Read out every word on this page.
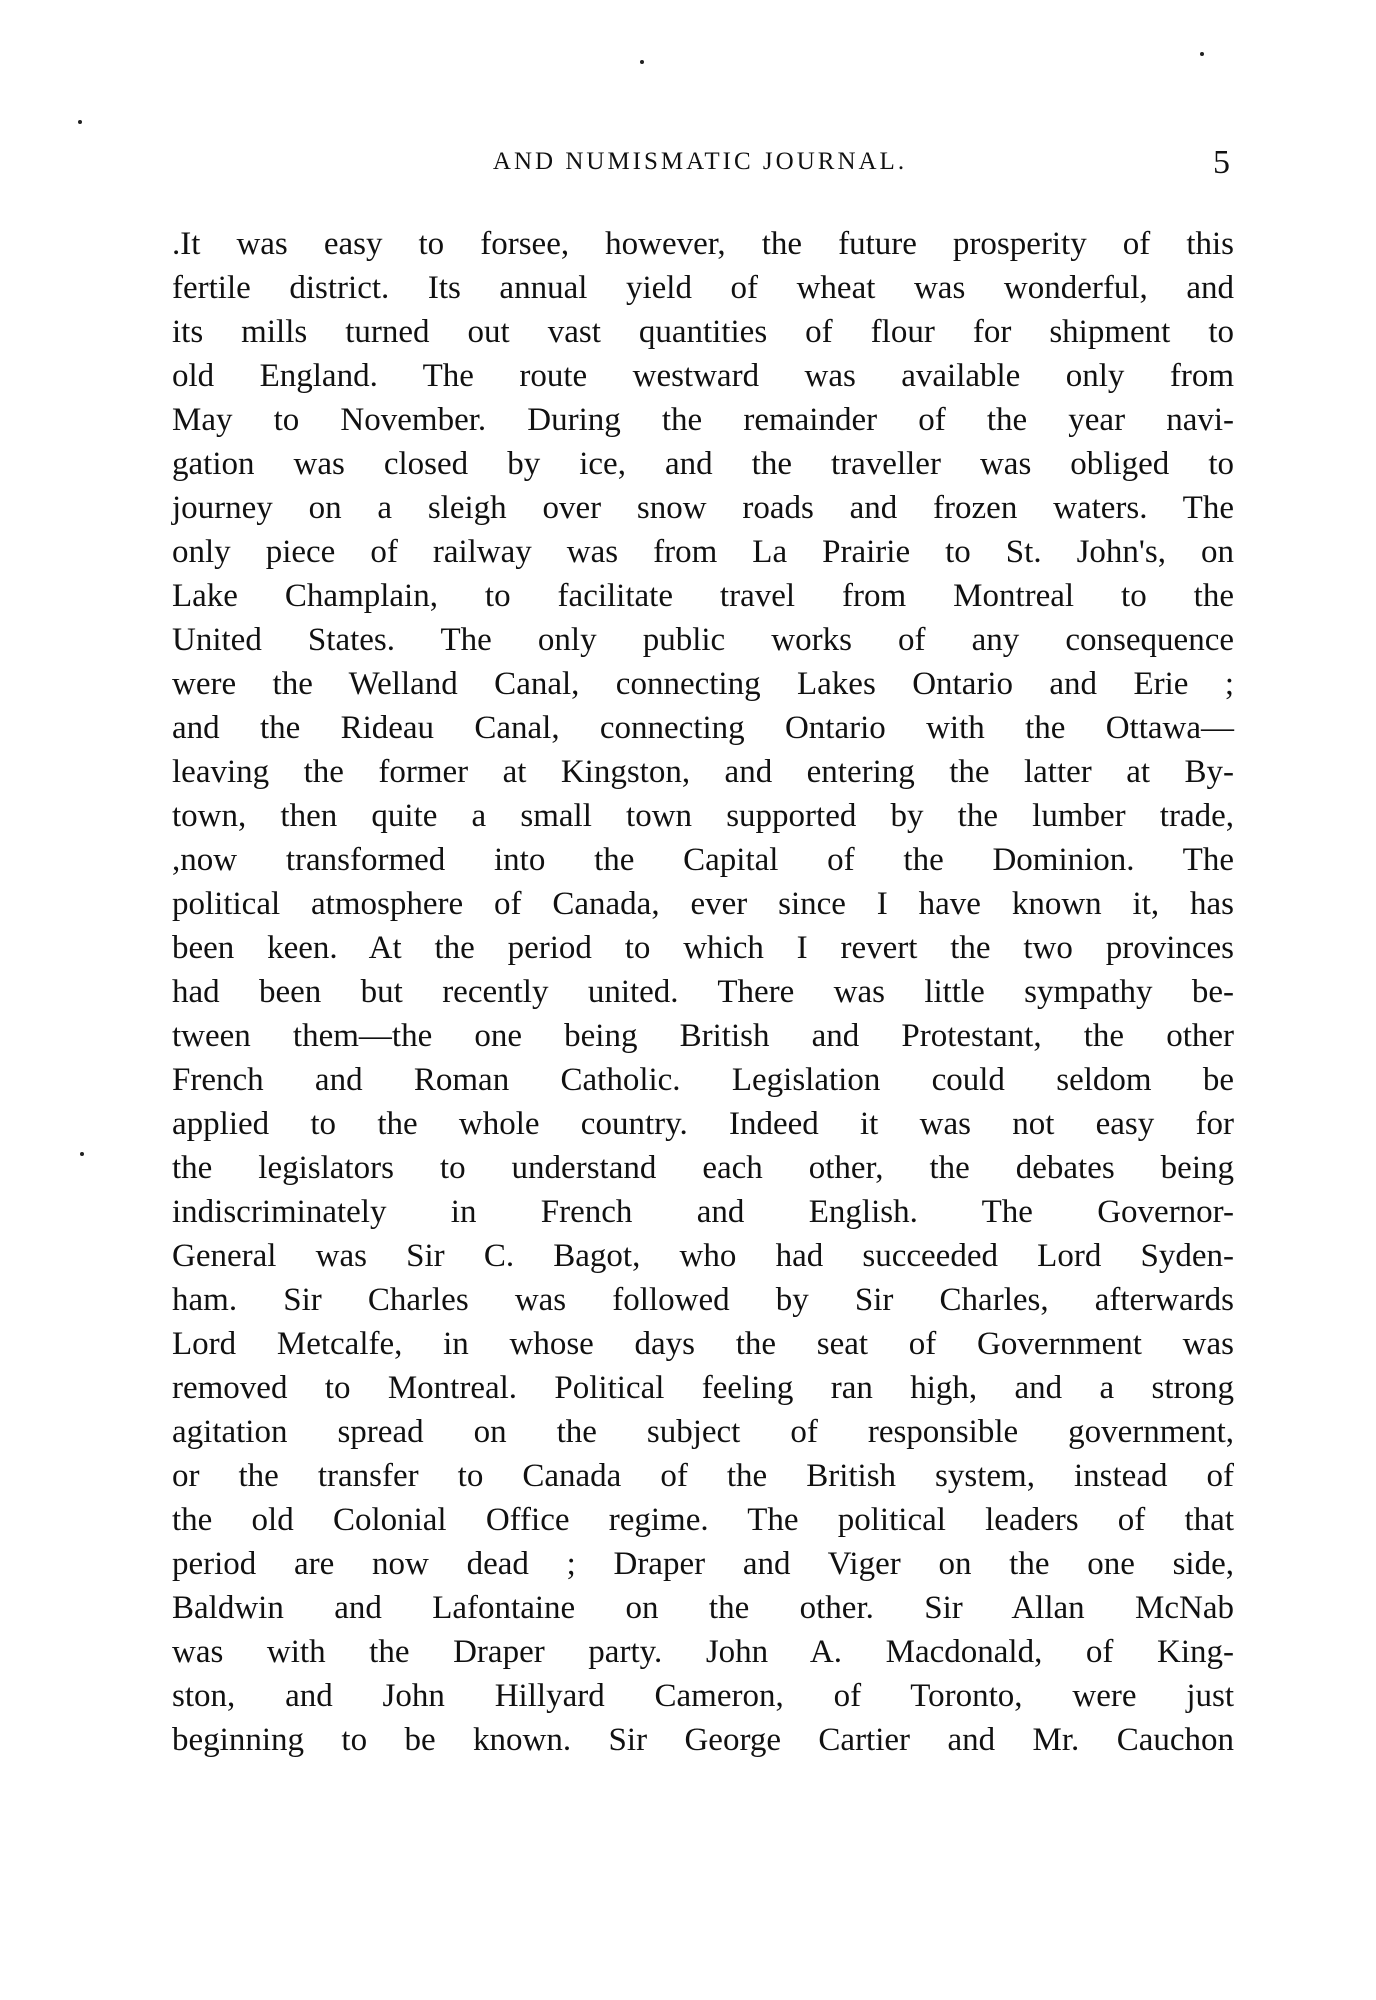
AND NUMISMATIC JOURNAL.	5
.It was easy to forsee, however, the future prosperity of this
fertile district. Its annual yield of wheat was wonderful, and
its mills turned out vast quantities of flour for shipment to
old England. The route westward was available only from
May to November. During the remainder of the year navi-
gation was closed by ice, and the traveller was obliged to
journey on a sleigh over snow roads and frozen waters. The
only piece of railway was from La Prairie to St. John's, on
Lake Champlain, to facilitate travel from Montreal to the
United States. The only public works of any consequence
were the Welland Canal, connecting Lakes Ontario and Erie ;
and the Rideau Canal, connecting Ontario with the Ottawa—
leaving the former at Kingston, and entering the latter at By-
town, then quite a small town supported by the lumber trade,
,now transformed into the Capital of the Dominion. The
political atmosphere of Canada, ever since I have known it, has
been keen. At the period to which I revert the two provinces
had been but recently united. There was little sympathy be-
tween them—the one being British and Protestant, the other
French and Roman Catholic. Legislation could seldom be
applied to the whole country. Indeed it was not easy for
the legislators to understand each other, the debates being
indiscriminately in French and English. The Governor-
General was Sir C. Bagot, who had succeeded Lord Syden-
ham. Sir Charles was followed by Sir Charles, afterwards
Lord Metcalfe, in whose days the seat of Government was
removed to Montreal. Political feeling ran high, and a strong
agitation spread on the subject of responsible government,
or the transfer to Canada of the British system, instead of
the old Colonial Office regime. The political leaders of that
period are now dead ; Draper and Viger on the one side,
Baldwin and Lafontaine on the other. Sir Allan McNab
was with the Draper party. John A. Macdonald, of King-
ston, and John Hillyard Cameron, of Toronto, were just
beginning to be known. Sir George Cartier and Mr. Cauchon
